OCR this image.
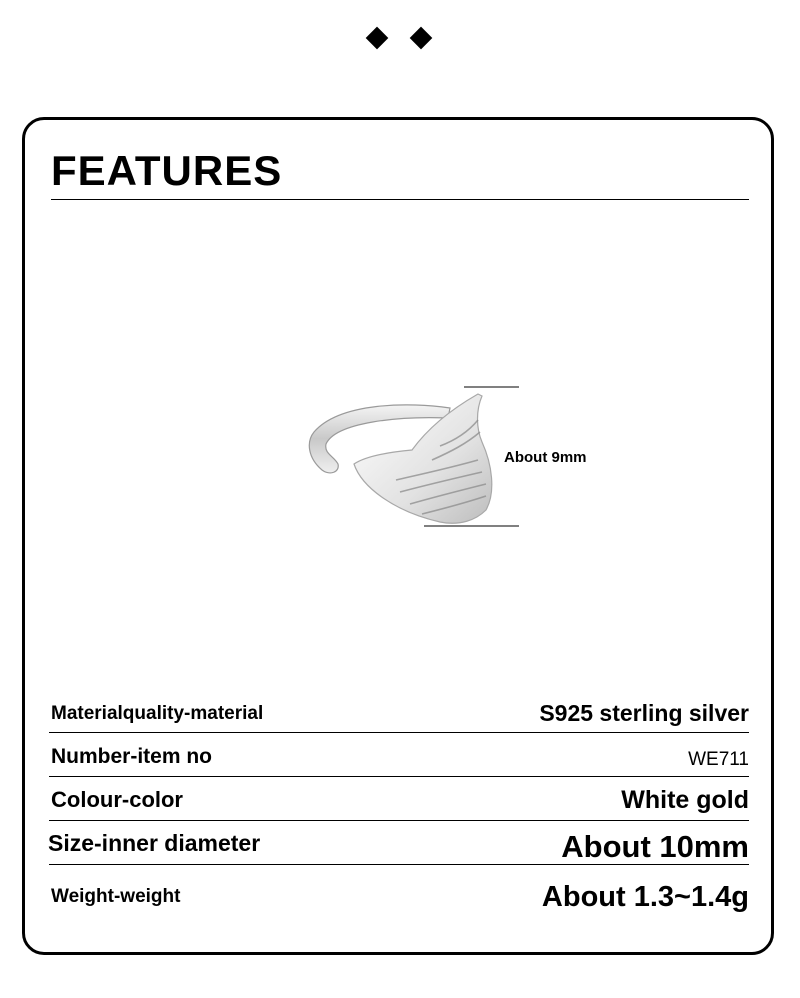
FEATURES
About 9mm
Materialquality-material	S925 sterling silver
Number-item no	WE711
Colour-color	White gold
Size-inner diameter	About 10mm
Weight-weight	About 1.3~1.4g
